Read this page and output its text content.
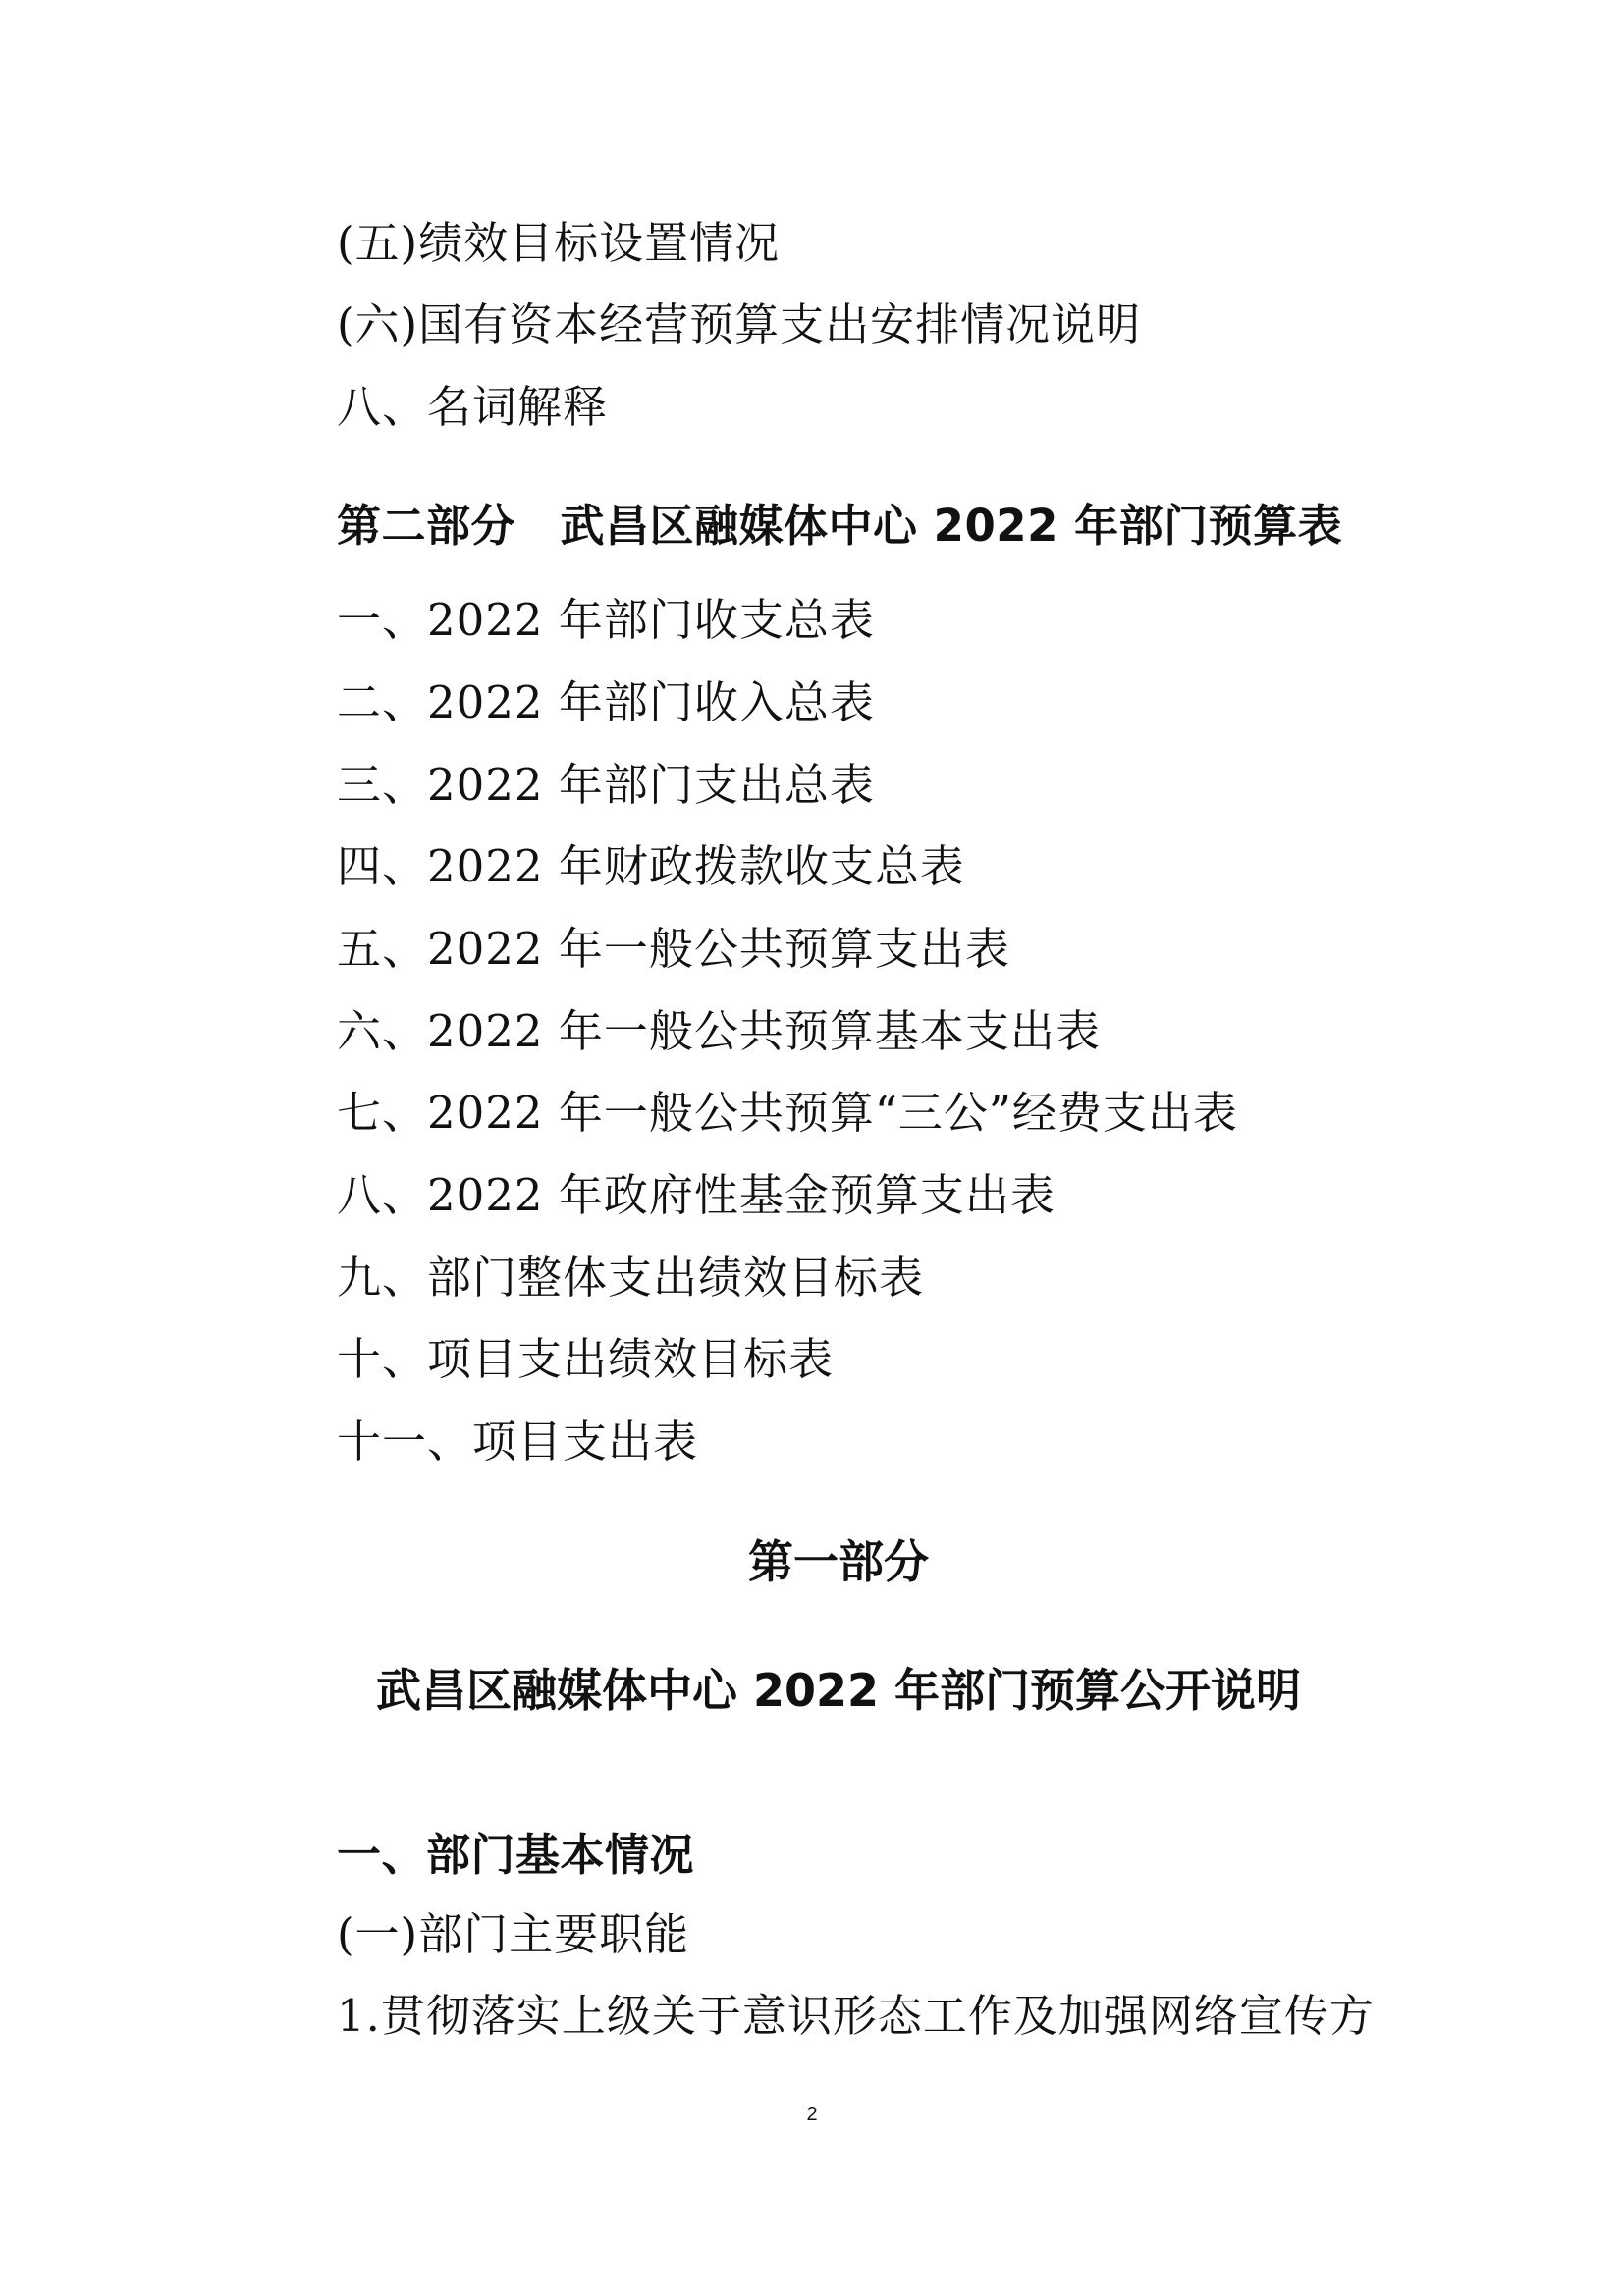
(五)绩效目标设置情况
(六)国有资本经营预算支出安排情况说明
八、名词解释
第二部分　武昌区融媒体中心 2022 年部门预算表
一、2022 年部门收支总表
二、2022 年部门收入总表
三、2022 年部门支出总表
四、2022 年财政拨款收支总表
五、2022 年一般公共预算支出表
六、2022 年一般公共预算基本支出表
七、2022 年一般公共预算“三公”经费支出表
八、2022 年政府性基金预算支出表
九、部门整体支出绩效目标表
十、项目支出绩效目标表
十一、项目支出表
第一部分
武昌区融媒体中心 2022 年部门预算公开说明
一、部门基本情况
(一)部门主要职能
1.贯彻落实上级关于意识形态工作及加强网络宣传方
2
